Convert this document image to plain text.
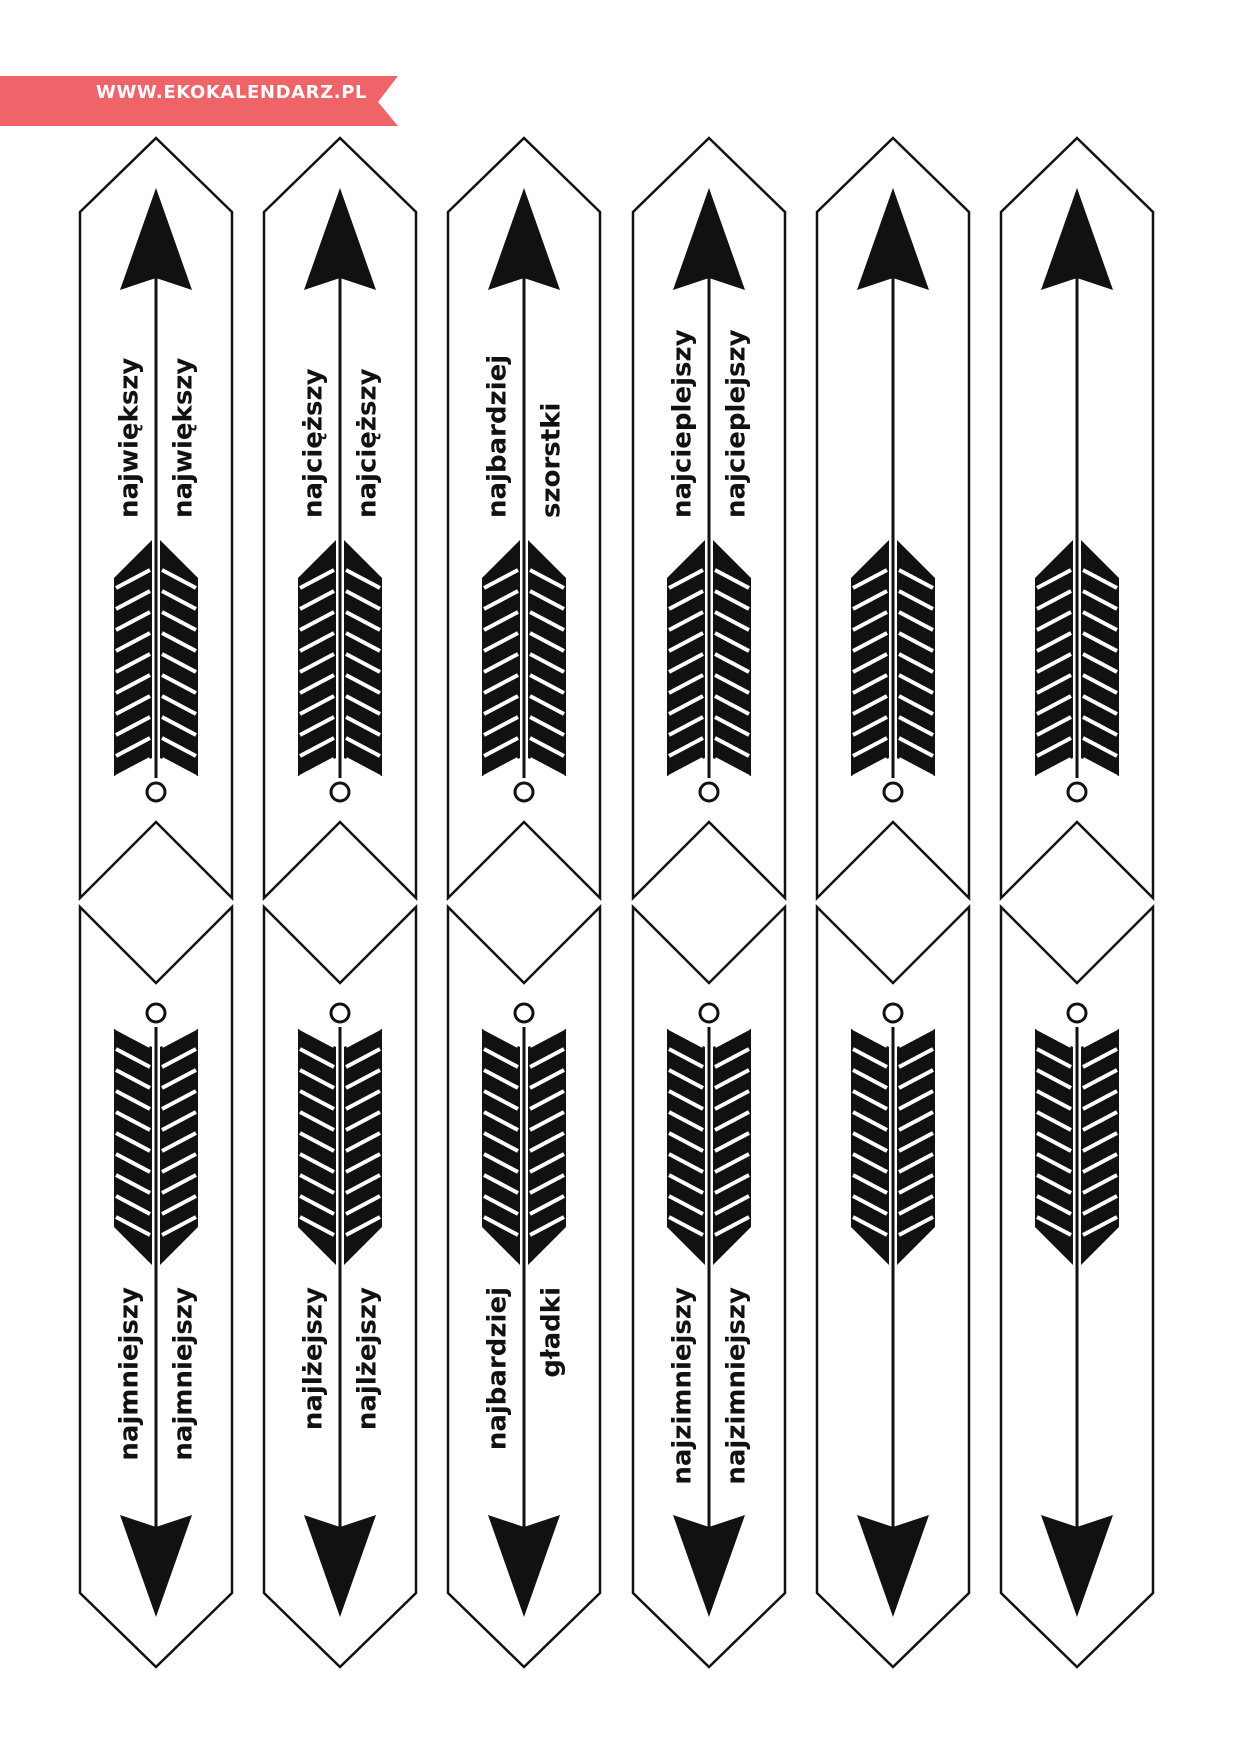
WWW.EKOKALENDARZ.PL
największy największy	najcięższy najcięższy	najbardziej szorstki	najcieplejszy najcieplejszy
najmniejszy najmniejszy	najlżejszy najlżejszy	najbardziej gładki	najzimniejszy najzimniejszy
